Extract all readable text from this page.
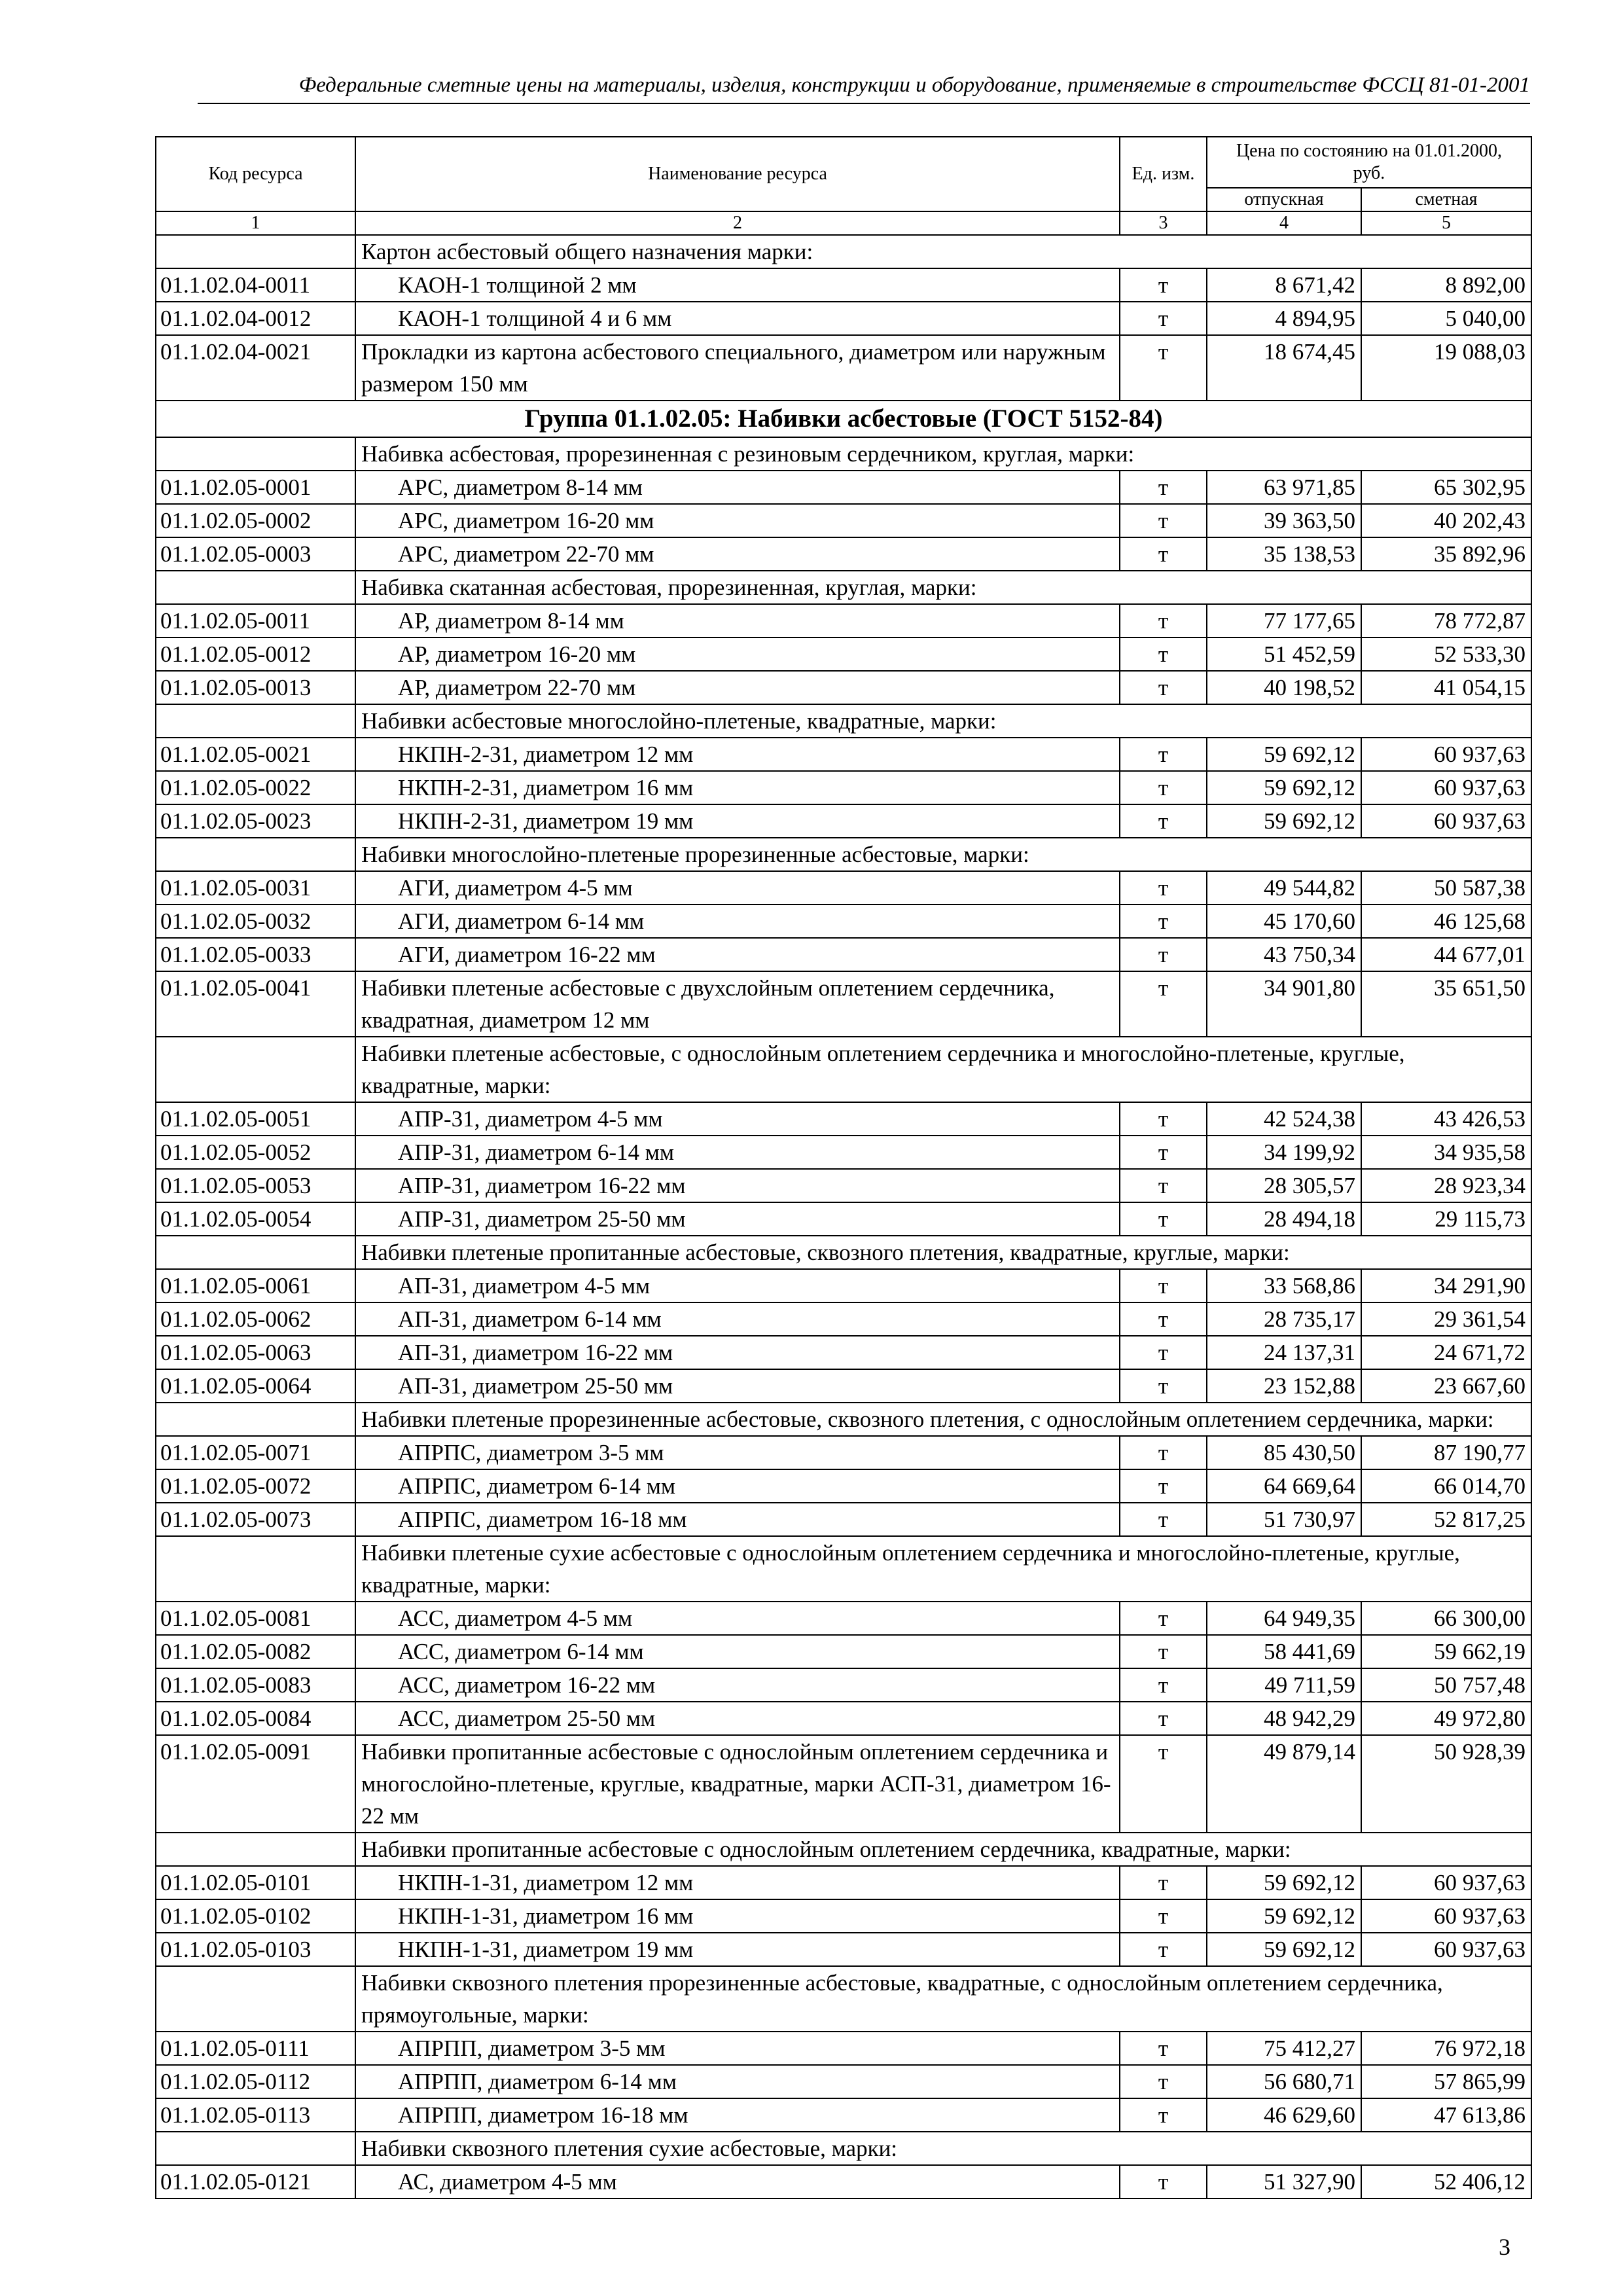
Федеральные сметные цены на материалы, изделия, конструкции и оборудование, применяемые в строительстве ФССЦ 81-01-2001
Код ресурса	Наименование ресурса	Ед. изм.	Цена по состоянию на 01.01.2000, руб.	
			отпускная	сметная
1	2	3	4	5
	Картон асбестовый общего назначения марки:			
01.1.02.04-0011	КАОН-1 толщиной 2 мм	т	8 671,42	8 892,00
01.1.02.04-0012	КАОН-1 толщиной 4 и 6 мм	т	4 894,95	5 040,00
01.1.02.04-0021	Прокладки из картона асбестового специального, диаметром или наружным размером 150 мм	т	18 674,45	19 088,03
Группа 01.1.02.05: Набивки асбестовые (ГОСТ 5152-84)				
	Набивка асбестовая, прорезиненная с резиновым сердечником, круглая, марки:			
01.1.02.05-0001	АРС, диаметром 8-14 мм	т	63 971,85	65 302,95
01.1.02.05-0002	АРС, диаметром 16-20 мм	т	39 363,50	40 202,43
01.1.02.05-0003	АРС, диаметром 22-70 мм	т	35 138,53	35 892,96
	Набивка скатанная асбестовая, прорезиненная, круглая, марки:			
01.1.02.05-0011	АР, диаметром 8-14 мм	т	77 177,65	78 772,87
01.1.02.05-0012	АР, диаметром 16-20 мм	т	51 452,59	52 533,30
01.1.02.05-0013	АР, диаметром 22-70 мм	т	40 198,52	41 054,15
	Набивки асбестовые многослойно-плетеные, квадратные, марки:			
01.1.02.05-0021	НКПН-2-31, диаметром 12 мм	т	59 692,12	60 937,63
01.1.02.05-0022	НКПН-2-31, диаметром 16 мм	т	59 692,12	60 937,63
01.1.02.05-0023	НКПН-2-31, диаметром 19 мм	т	59 692,12	60 937,63
	Набивки многослойно-плетеные прорезиненные асбестовые, марки:			
01.1.02.05-0031	АГИ, диаметром 4-5 мм	т	49 544,82	50 587,38
01.1.02.05-0032	АГИ, диаметром 6-14 мм	т	45 170,60	46 125,68
01.1.02.05-0033	АГИ, диаметром 16-22 мм	т	43 750,34	44 677,01
01.1.02.05-0041	Набивки плетеные асбестовые с двухслойным оплетением сердечника, квадратная, диаметром 12 мм	т	34 901,80	35 651,50
	Набивки плетеные асбестовые, с однослойным оплетением сердечника и многослойно-плетеные, круглые, квадратные, марки:			
01.1.02.05-0051	АПР-31, диаметром 4-5 мм	т	42 524,38	43 426,53
01.1.02.05-0052	АПР-31, диаметром 6-14 мм	т	34 199,92	34 935,58
01.1.02.05-0053	АПР-31, диаметром 16-22 мм	т	28 305,57	28 923,34
01.1.02.05-0054	АПР-31, диаметром 25-50 мм	т	28 494,18	29 115,73
	Набивки плетеные пропитанные асбестовые, сквозного плетения, квадратные, круглые, марки:			
01.1.02.05-0061	АП-31, диаметром 4-5 мм	т	33 568,86	34 291,90
01.1.02.05-0062	АП-31, диаметром 6-14 мм	т	28 735,17	29 361,54
01.1.02.05-0063	АП-31, диаметром 16-22 мм	т	24 137,31	24 671,72
01.1.02.05-0064	АП-31, диаметром 25-50 мм	т	23 152,88	23 667,60
	Набивки плетеные прорезиненные асбестовые, сквозного плетения, с однослойным оплетением сердечника, марки:			
01.1.02.05-0071	АПРПС, диаметром 3-5 мм	т	85 430,50	87 190,77
01.1.02.05-0072	АПРПС, диаметром 6-14 мм	т	64 669,64	66 014,70
01.1.02.05-0073	АПРПС, диаметром 16-18 мм	т	51 730,97	52 817,25
	Набивки плетеные сухие асбестовые с однослойным оплетением сердечника и многослойно-плетеные, круглые, квадратные, марки:			
01.1.02.05-0081	АСС, диаметром 4-5 мм	т	64 949,35	66 300,00
01.1.02.05-0082	АСС, диаметром 6-14 мм	т	58 441,69	59 662,19
01.1.02.05-0083	АСС, диаметром 16-22 мм	т	49 711,59	50 757,48
01.1.02.05-0084	АСС, диаметром 25-50 мм	т	48 942,29	49 972,80
01.1.02.05-0091	Набивки пропитанные асбестовые с однослойным оплетением сердечника и многослойно-плетеные, круглые, квадратные, марки АСП-31, диаметром 16-22 мм	т	49 879,14	50 928,39
	Набивки пропитанные асбестовые с однослойным оплетением сердечника, квадратные, марки:			
01.1.02.05-0101	НКПН-1-31, диаметром 12 мм	т	59 692,12	60 937,63
01.1.02.05-0102	НКПН-1-31, диаметром 16 мм	т	59 692,12	60 937,63
01.1.02.05-0103	НКПН-1-31, диаметром 19 мм	т	59 692,12	60 937,63
	Набивки сквозного плетения прорезиненные асбестовые, квадратные, с однослойным оплетением сердечника, прямоугольные, марки:			
01.1.02.05-0111	АПРПП, диаметром 3-5 мм	т	75 412,27	76 972,18
01.1.02.05-0112	АПРПП, диаметром 6-14 мм	т	56 680,71	57 865,99
01.1.02.05-0113	АПРПП, диаметром 16-18 мм	т	46 629,60	47 613,86
	Набивки сквозного плетения сухие асбестовые, марки:			
01.1.02.05-0121	АС, диаметром 4-5 мм	т	51 327,90	52 406,12
3
